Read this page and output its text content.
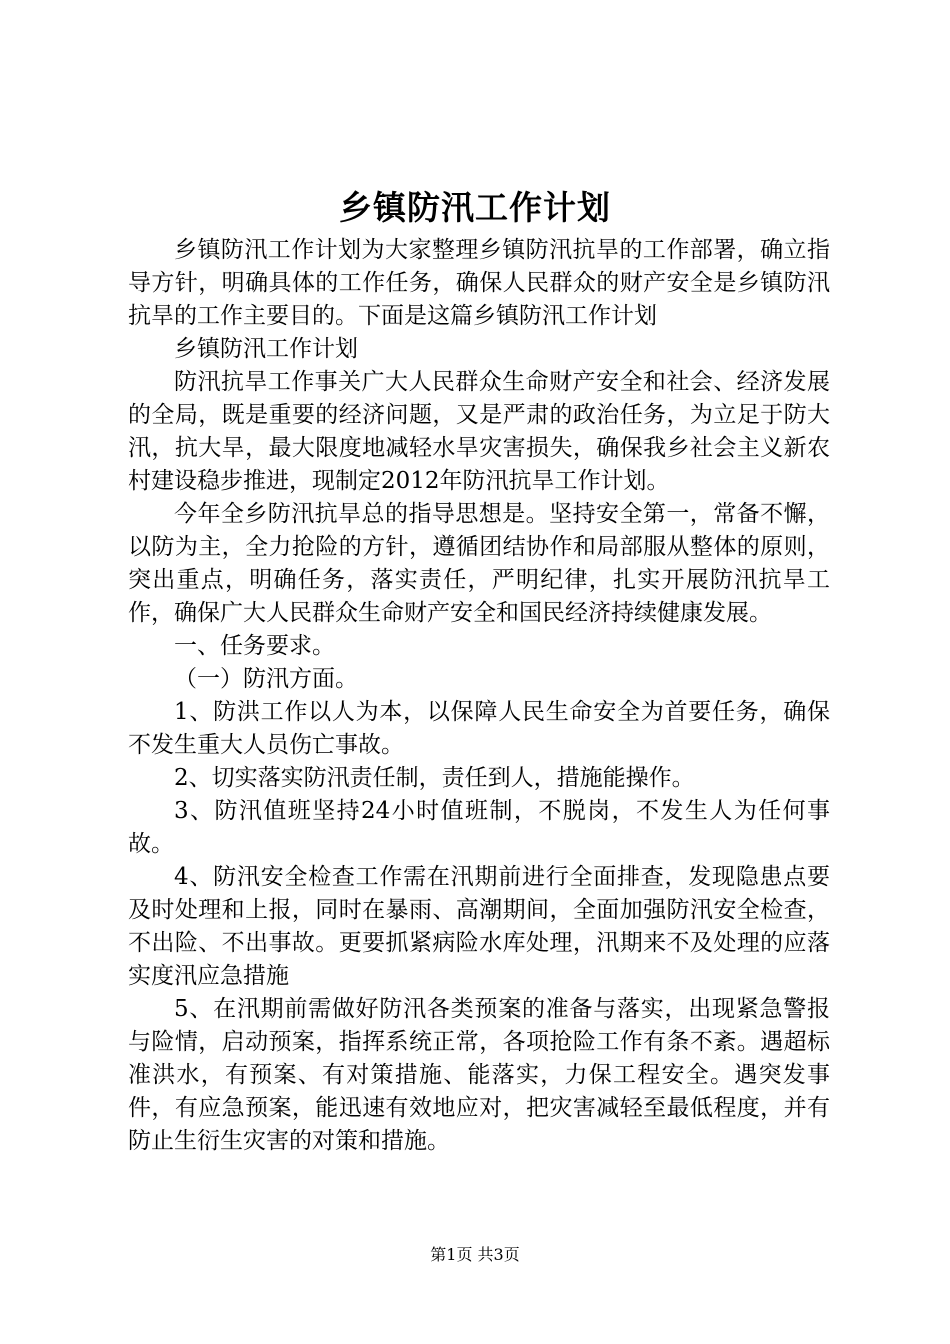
乡镇防汛工作计划

乡镇防汛工作计划为大家整理乡镇防汛抗旱的工作部署，确立指导方针，明确具体的工作任务，确保人民群众的财产安全是乡镇防汛抗旱的工作主要目的。下面是这篇乡镇防汛工作计划

乡镇防汛工作计划

防汛抗旱工作事关广大人民群众生命财产安全和社会、经济发展的全局，既是重要的经济问题，又是严肃的政治任务，为立足于防大汛，抗大旱，最大限度地减轻水旱灾害损失，确保我乡社会主义新农村建设稳步推进，现制定2012年防汛抗旱工作计划。

今年全乡防汛抗旱总的指导思想是。坚持安全第一，常备不懈，以防为主，全力抢险的方针，遵循团结协作和局部服从整体的原则，突出重点，明确任务，落实责任，严明纪律，扎实开展防汛抗旱工作，确保广大人民群众生命财产安全和国民经济持续健康发展。

一、任务要求。

（一）防汛方面。

1、防洪工作以人为本，以保障人民生命安全为首要任务，确保不发生重大人员伤亡事故。

2、切实落实防汛责任制，责任到人，措施能操作。

3、防汛值班坚持24小时值班制，不脱岗，不发生人为任何事故。

4、防汛安全检查工作需在汛期前进行全面排查，发现隐患点要及时处理和上报，同时在暴雨、高潮期间，全面加强防汛安全检查，不出险、不出事故。更要抓紧病险水库处理，汛期来不及处理的应落实度汛应急措施

5、在汛期前需做好防汛各类预案的准备与落实，出现紧急警报与险情，启动预案，指挥系统正常，各项抢险工作有条不紊。遇超标准洪水，有预案、有对策措施、能落实，力保工程安全。遇突发事件，有应急预案，能迅速有效地应对，把灾害减轻至最低程度，并有防止生衍生灾害的对策和措施。

第1页 共3页
